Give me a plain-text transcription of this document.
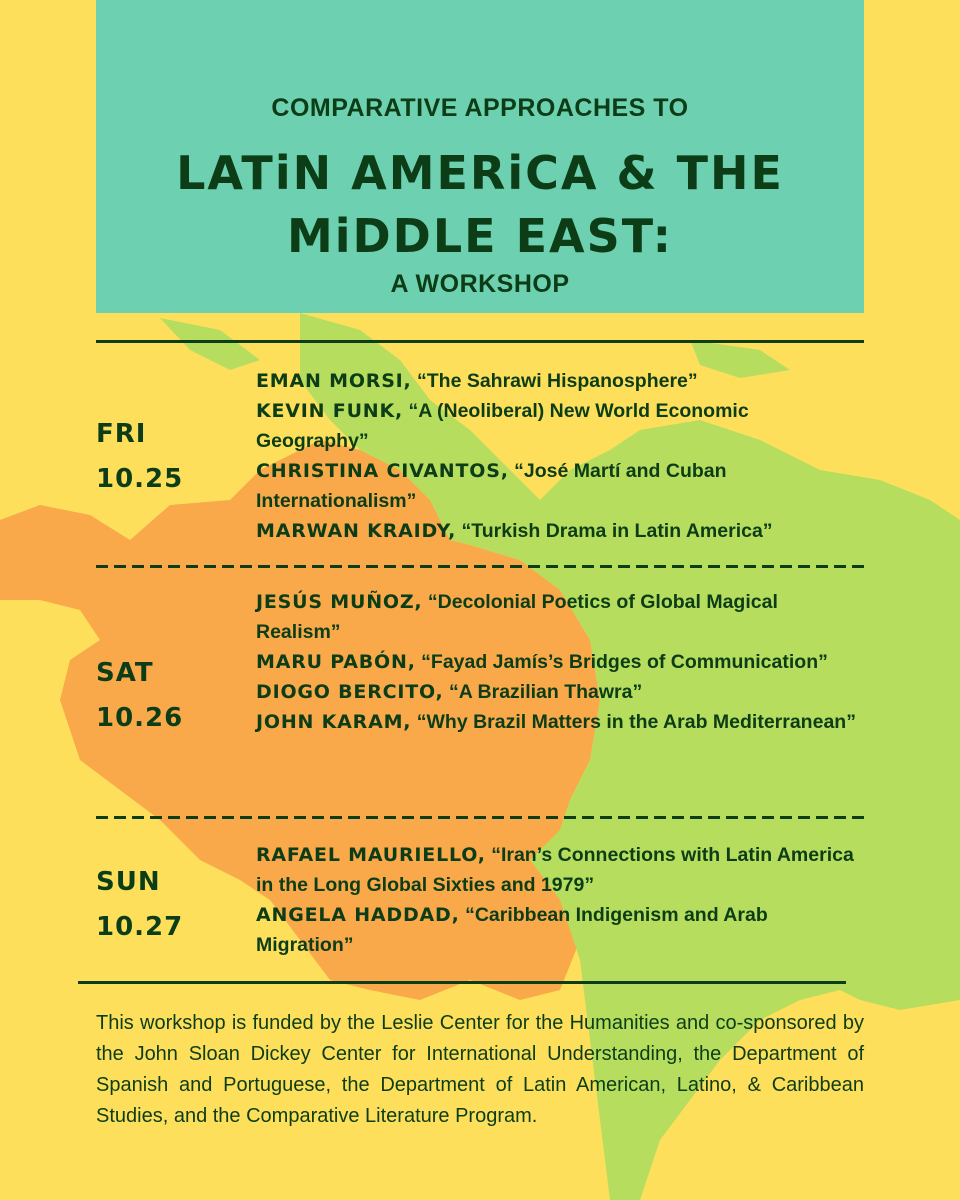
COMPARATIVE APPROACHES TO
LATiN AMERiCA & THE
MiDDLE EAST:
A WORKSHOP
FRI
10.25
EMAN MORSI, “The Sahrawi Hispanosphere”
KEVIN FUNK, “A (Neoliberal) New World Economic Geography”
CHRISTINA CIVANTOS, “José Martí and Cuban Internationalism”
MARWAN KRAIDY, “Turkish Drama in Latin America”
SAT
10.26
JESÚS MUÑOZ, “Decolonial Poetics of Global Magical Realism”
MARU PABÓN, “Fayad Jamís’s Bridges of Communication”
DIOGO BERCITO, “A Brazilian Thawra”
JOHN KARAM, “Why Brazil Matters in the Arab Mediterranean”
SUN
10.27
RAFAEL MAURIELLO, “Iran’s Connections with Latin America in the Long Global Sixties and 1979”
ANGELA HADDAD, “Caribbean Indigenism and Arab Migration”
This workshop is funded by the Leslie Center for the Humanities and co-sponsored by the John Sloan Dickey Center for International Understanding, the Department of Spanish and Portuguese, the Department of Latin American, Latino, & Caribbean Studies, and the Comparative Literature Program.
